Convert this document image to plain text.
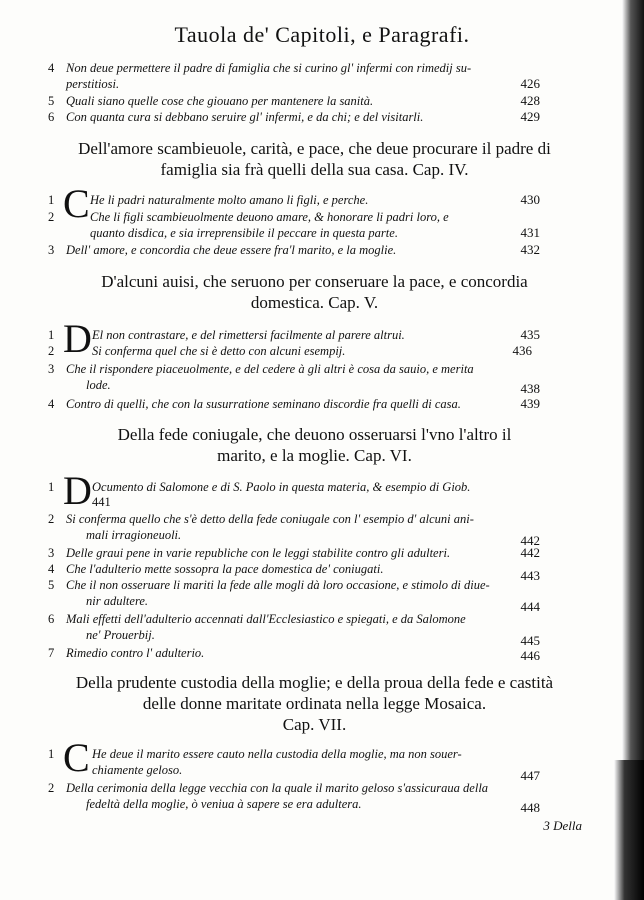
Tauola de' Capitoli, e Paragrafi.
4 Non deue permettere il padre di famiglia che si curino gl' infermi con rimedij su-
perstitiosi.	426
5 Quali siano quelle cose che giouano per mantenere la sanità.	428
6 Con quanta cura si debbano seruire gl' infermi, e da chi; e del visitarli.	429
Dell'amore scambieuole, carità, e pace, che deue procurare il padre di
famiglia sia frà quelli della sua casa. Cap. IV.
1 C He li padri naturalmente molto amano li figli, e perche.	430
2	Che li figli scambieuolmente deuono amare, & honorare li padri loro, e
quanto disdica, e sia irreprensibile il peccare in questa parte.	431
3 Dell' amore, e concordia che deue essere fra'l marito, e la moglie.	432
D'alcuni auisi, che seruono per conseruare la pace, e concordia
domestica. Cap. V.
1 D El non contrastare, e del rimettersi facilmente al parere altrui.	435
2	Si conferma quel che si è detto con alcuni esempij.	436
3 Che il rispondere piaceuolmente, e del cedere à gli altri è cosa da sauio, e merita
lode.	438
4 Contro di quelli, che con la susurratione seminano discordie fra quelli di casa.	439
Della fede coniugale, che deuono osseruarsi l'vno l'altro il
marito, e la moglie. Cap. VI.
1 D Ocumento di Salomone e di S. Paolo in questa materia, & esempio di Giob.
441
2 Si conferma quello che s'è detto della fede coniugale con l' esempio d' alcuni ani-
mali irragioneuoli.	442
3 Delle graui pene in varie republiche con le leggi stabilite contro gli adulteri.	442
4 Che l'adulterio mette sossopra la pace domestica de' coniugati.	443
5 Che il non osseruare li mariti la fede alle mogli dà loro occasione, e stimolo di diue-
nir adultere.	444
6 Mali effetti dell'adulterio accennati dall'Ecclesiastico e spiegati, e da Salomone
ne' Prouerbij.	445
7 Rimedio contro l' adulterio.	446
Della prudente custodia della moglie; e della proua della fede e castità
delle donne maritate ordinata nella legge Mosaica.
Cap. VII.
1 C He deue il marito essere cauto nella custodia della moglie, ma non souer-
chiamente geloso.	447
2 Della cerimonia della legge vecchia con la quale il marito geloso s'assicuraua della
fedeltà della moglie, ò veniua à sapere se era adultera.	448
3 Della
